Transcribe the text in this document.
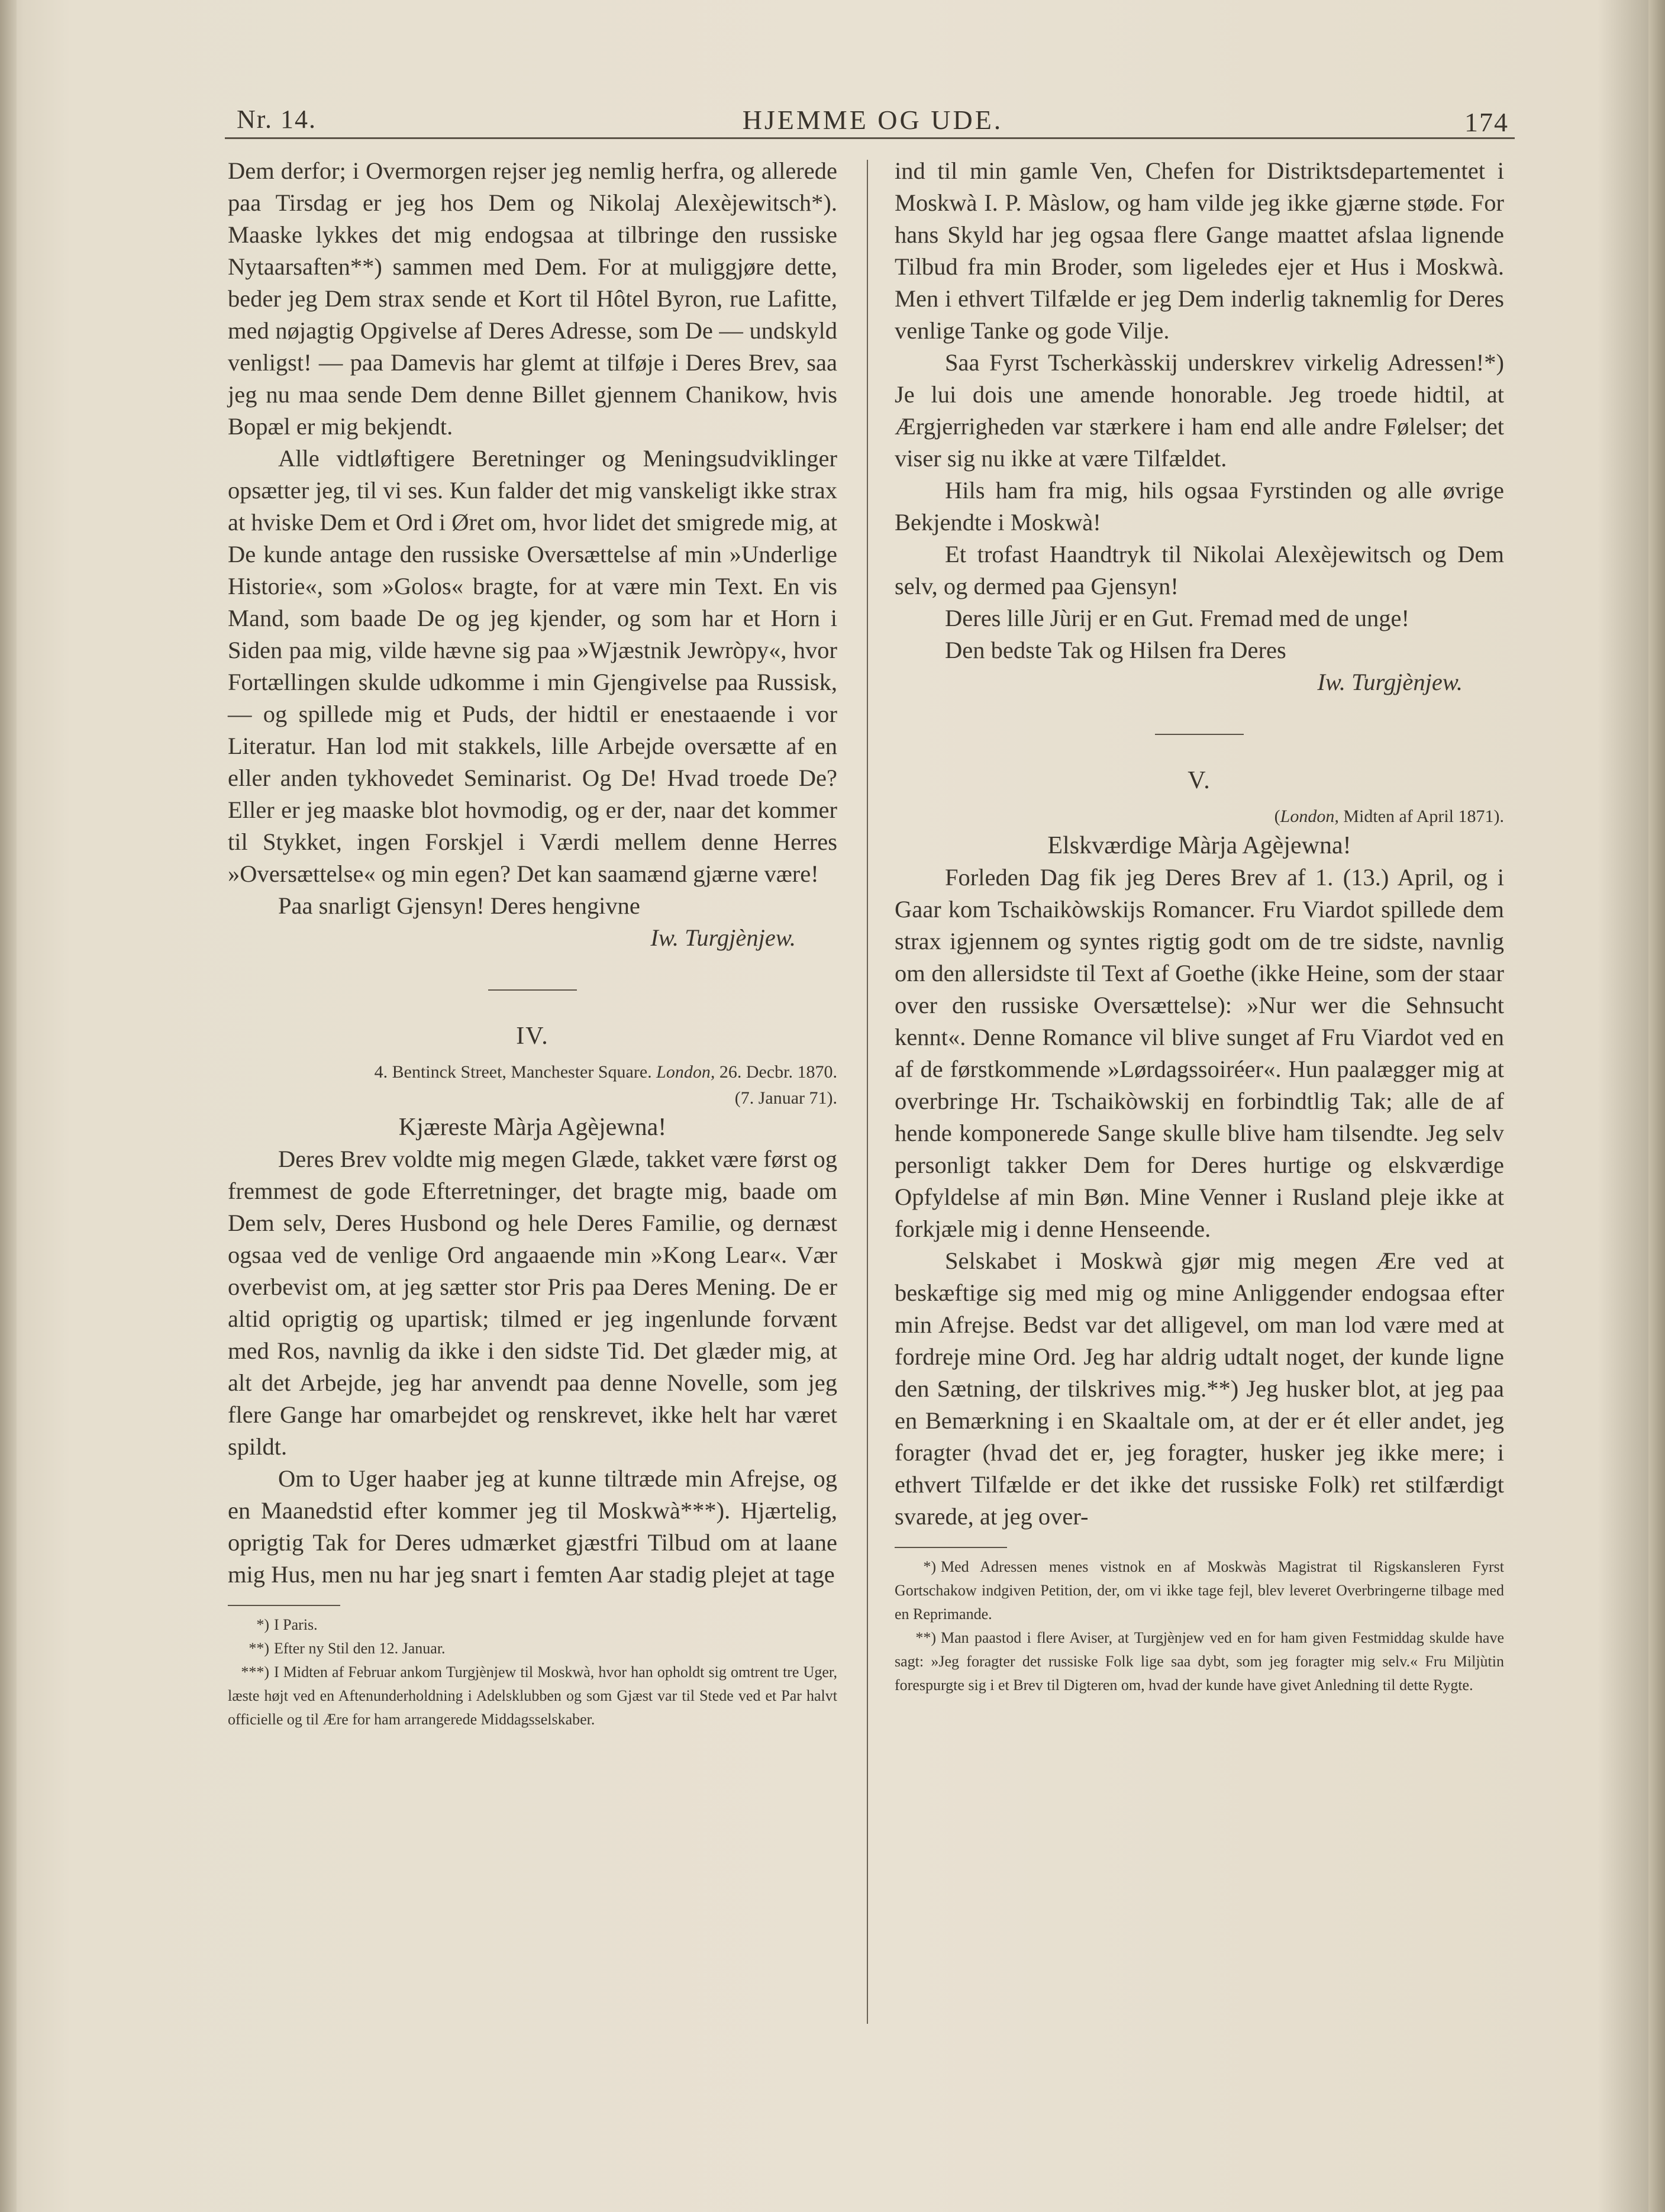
Nr. 14.	HJEMME OG UDE.	174

Dem derfor; i Overmorgen rejser jeg nemlig herfra, og allerede paa Tirsdag er jeg hos Dem og Nikolaj Alexèjewitsch*). Maaske lykkes det mig endogsaa at tilbringe den russiske Nytaarsaften**) sammen med Dem. For at muliggjøre dette, beder jeg Dem strax sende et Kort til Hôtel Byron, rue Lafitte, med nøjagtig Opgivelse af Deres Adresse, som De — undskyld venligst! — paa Damevis har glemt at tilføje i Deres Brev, saa jeg nu maa sende Dem denne Billet gjennem Chanikow, hvis Bopæl er mig bekjendt.

Alle vidtløftigere Beretninger og Meningsudviklinger opsætter jeg, til vi ses. Kun falder det mig vanskeligt ikke strax at hviske Dem et Ord i Øret om, hvor lidet det smigrede mig, at De kunde antage den russiske Oversættelse af min »Underlige Historie«, som »Golos« bragte, for at være min Text. En vis Mand, som baade De og jeg kjender, og som har et Horn i Siden paa mig, vilde hævne sig paa »Wjæstnik Jewròpy«, hvor Fortællingen skulde udkomme i min Gjengivelse paa Russisk, — og spillede mig et Puds, der hidtil er enestaaende i vor Literatur. Han lod mit stakkels, lille Arbejde oversætte af en eller anden tykhovedet Seminarist. Og De! Hvad troede De? Eller er jeg maaske blot hovmodig, og er der, naar det kommer til Stykket, ingen Forskjel i Værdi mellem denne Herres »Oversættelse« og min egen? Det kan saamænd gjærne være!

Paa snarligt Gjensyn! Deres hengivne

Iw. Turgjènjew.

IV.

4. Bentinck Street, Manchester Square. London, 26. Decbr. 1870.
(7. Januar 71).

Kjæreste Màrja Agèjewna!

Deres Brev voldte mig megen Glæde, takket være først og fremmest de gode Efterretninger, det bragte mig, baade om Dem selv, Deres Husbond og hele Deres Familie, og dernæst ogsaa ved de venlige Ord angaaende min »Kong Lear«. Vær overbevist om, at jeg sætter stor Pris paa Deres Mening. De er altid oprigtig og upartisk; tilmed er jeg ingenlunde forvænt med Ros, navnlig da ikke i den sidste Tid. Det glæder mig, at alt det Arbejde, jeg har anvendt paa denne Novelle, som jeg flere Gange har omarbejdet og renskrevet, ikke helt har været spildt.

Om to Uger haaber jeg at kunne tiltræde min Afrejse, og en Maanedstid efter kommer jeg til Moskwà***). Hjærtelig, oprigtig Tak for Deres udmærket gjæstfri Tilbud om at laane mig Hus, men nu har jeg snart i femten Aar stadig plejet at tage

*) I Paris.

**) Efter ny Stil den 12. Januar.

***) I Midten af Februar ankom Turgjènjew til Moskwà, hvor han opholdt sig omtrent tre Uger, læste højt ved en Aftenunderholdning i Adelsklubben og som Gjæst var til Stede ved et Par halvt officielle og til Ære for ham arrangerede Middagsselskaber.

ind til min gamle Ven, Chefen for Distriktsdepartementet i Moskwà I. P. Màslow, og ham vilde jeg ikke gjærne støde. For hans Skyld har jeg ogsaa flere Gange maattet afslaa lignende Tilbud fra min Broder, som ligeledes ejer et Hus i Moskwà. Men i ethvert Tilfælde er jeg Dem inderlig taknemlig for Deres venlige Tanke og gode Vilje.

Saa Fyrst Tscherkàsskij underskrev virkelig Adressen!*) Je lui dois une amende honorable. Jeg troede hidtil, at Ærgjerrigheden var stærkere i ham end alle andre Følelser; det viser sig nu ikke at være Tilfældet.

Hils ham fra mig, hils ogsaa Fyrstinden og alle øvrige Bekjendte i Moskwà!

Et trofast Haandtryk til Nikolai Alexèjewitsch og Dem selv, og dermed paa Gjensyn!

Deres lille Jùrij er en Gut. Fremad med de unge!

Den bedste Tak og Hilsen fra Deres

Iw. Turgjènjew.

V.

(London, Midten af April 1871).

Elskværdige Màrja Agèjewna!

Forleden Dag fik jeg Deres Brev af 1. (13.) April, og i Gaar kom Tschaikòwskijs Romancer. Fru Viardot spillede dem strax igjennem og syntes rigtig godt om de tre sidste, navnlig om den allersidste til Text af Goethe (ikke Heine, som der staar over den russiske Oversættelse): »Nur wer die Sehnsucht kennt«. Denne Romance vil blive sunget af Fru Viardot ved en af de førstkommende »Lørdagssoiréer«. Hun paalægger mig at overbringe Hr. Tschaikòwskij en forbindtlig Tak; alle de af hende komponerede Sange skulle blive ham tilsendte. Jeg selv personligt takker Dem for Deres hurtige og elskværdige Opfyldelse af min Bøn. Mine Venner i Rusland pleje ikke at forkjæle mig i denne Henseende.

Selskabet i Moskwà gjør mig megen Ære ved at beskæftige sig med mig og mine Anliggender endogsaa efter min Afrejse. Bedst var det alligevel, om man lod være med at fordreje mine Ord. Jeg har aldrig udtalt noget, der kunde ligne den Sætning, der tilskrives mig.**) Jeg husker blot, at jeg paa en Bemærkning i en Skaaltale om, at der er ét eller andet, jeg foragter (hvad det er, jeg foragter, husker jeg ikke mere; i ethvert Tilfælde er det ikke det russiske Folk) ret stilfærdigt svarede, at jeg over-

*) Med Adressen menes vistnok en af Moskwàs Magistrat til Rigskansleren Fyrst Gortschakow indgiven Petition, der, om vi ikke tage fejl, blev leveret Overbringerne tilbage med en Reprimande.

**) Man paastod i flere Aviser, at Turgjènjew ved en for ham given Festmiddag skulde have sagt: »Jeg foragter det russiske Folk lige saa dybt, som jeg foragter mig selv.« Fru Miljùtin forespurgte sig i et Brev til Digteren om, hvad der kunde have givet Anledning til dette Rygte.
